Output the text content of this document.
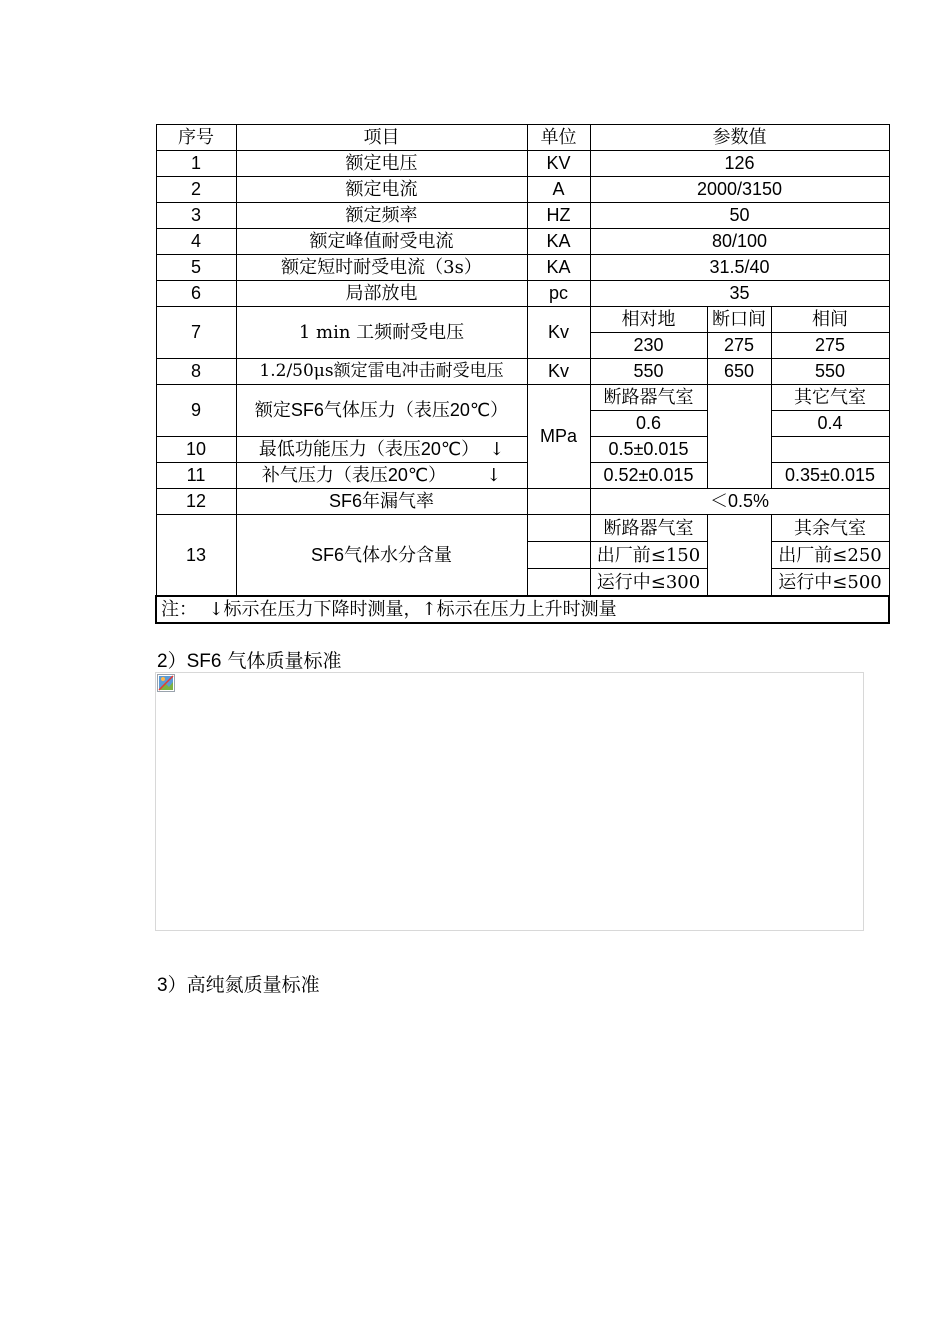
序号	项目	单位	参数值		
1	额定电压	KV	126		
2	额定电流	A	2000/3150		
3	额定频率	HZ	50		
4	额定峰值耐受电流	KA	80/100		
5	额定短时耐受电流（3s）	KA	31.5/40		
6	局部放电	pc	35		
7	1 min 工频耐受电压	Kv	相对地	断口间	相间
			230	275	275
8	1.2/50μs额定雷电冲击耐受电压	Kv	550	650	550
9	额定SF6气体压力（表压20℃）	MPa	断路器气室		其它气室
			0.6		0.4
10	最低功能压力（表压20℃） ↓		0.5±0.015		
11	补气压力（表压20℃） ↓		0.52±0.015		0.35±0.015
12	SF6年漏气率		＜0.5%		
13	SF6气体水分含量		断路器气室		其余气室
			出厂前≤150		出厂前≤250
			运行中≤300		运行中≤500
注：  ↓标示在压力下降时测量，↑标示在压力上升时测量					
2）SF6 气体质量标准
3）高纯氮质量标准
